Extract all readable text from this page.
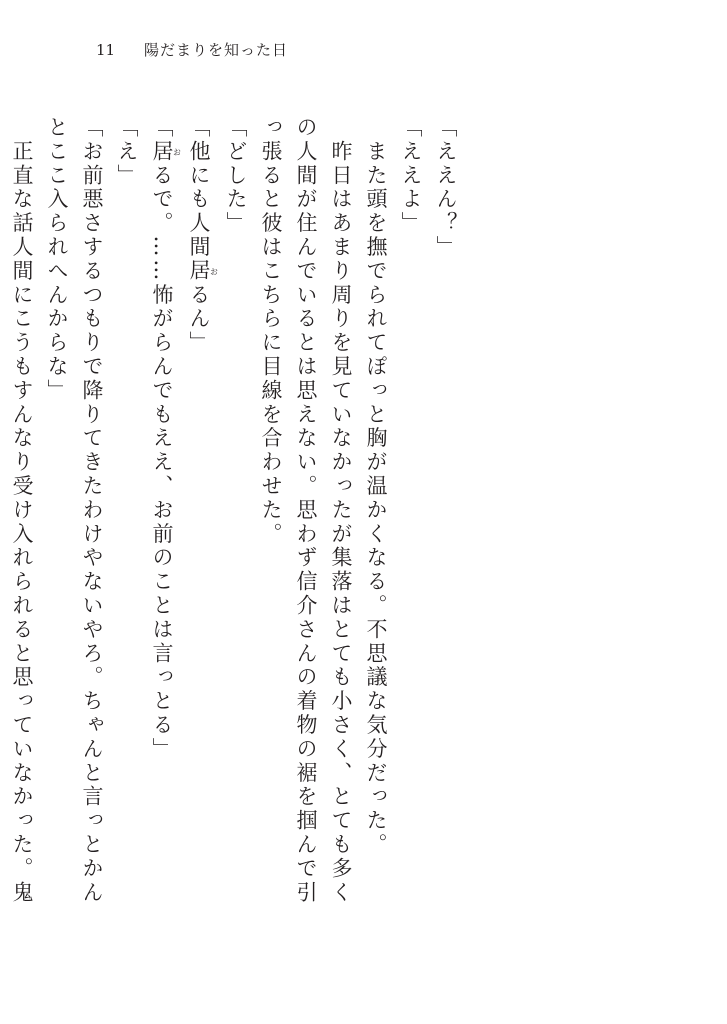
11 陽だまりを知った日

「ええん？」

「ええよ」

　また頭を撫でられてぽっと胸が温かくなる。不思議な気分だった。

　昨日はあまり周りを見ていなかったが集落はとても小さく、とても多くの人間が住んでいるとは思えない。思わず信介さんの着物の裾を掴んで引っ張ると彼はこちらに目線を合わせた。

「どした」

「他にも人間居おるん」

「居おるで。……怖がらんでもええ、お前のことは言っとる」

「え」

「お前悪さするつもりで降りてきたわけやないやろ。ちゃんと言っとかんとここ入られへんからな」

　正直な話人間にこうもすんなり受け入れられると思っていなかった。鬼
